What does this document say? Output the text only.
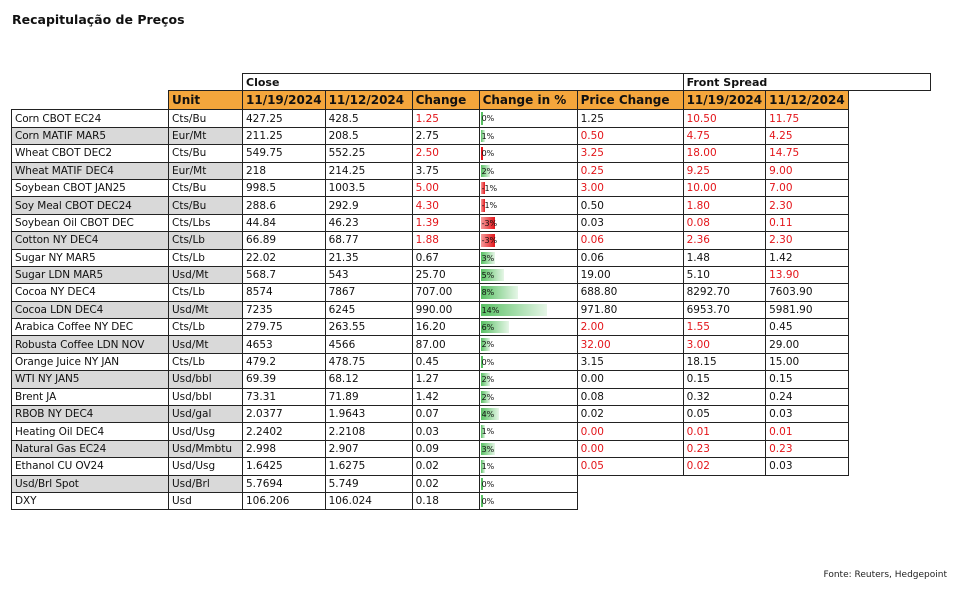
Recapitulação de Preços
		Close					Front Spread	
	Unit	11/19/2024	11/12/2024	Change	Change in %	Price Change	11/19/2024	11/12/2024
Corn CBOT EC24	Cts/Bu	427.25	428.5	1.25	0%	1.25	10.50	11.75
Corn MATIF MAR5	Eur/Mt	211.25	208.5	2.75	1%	0.50	4.75	4.25
Wheat CBOT DEC2	Cts/Bu	549.75	552.25	2.50	0%	3.25	18.00	14.75
Wheat MATIF DEC4	Eur/Mt	218	214.25	3.75	2%	0.25	9.25	9.00
Soybean CBOT JAN25	Cts/Bu	998.5	1003.5	5.00	-1%	3.00	10.00	7.00
Soy Meal CBOT DEC24	Cts/Bu	288.6	292.9	4.30	-1%	0.50	1.80	2.30
Soybean Oil CBOT DEC	Cts/Lbs	44.84	46.23	1.39	-3%	0.03	0.08	0.11
Cotton NY DEC4	Cts/Lb	66.89	68.77	1.88	-3%	0.06	2.36	2.30
Sugar NY MAR5	Cts/Lb	22.02	21.35	0.67	3%	0.06	1.48	1.42
Sugar LDN MAR5	Usd/Mt	568.7	543	25.70	5%	19.00	5.10	13.90
Cocoa NY DEC4	Cts/Lb	8574	7867	707.00	8%	688.80	8292.70	7603.90
Cocoa LDN DEC4	Usd/Mt	7235	6245	990.00	14%	971.80	6953.70	5981.90
Arabica Coffee NY DEC	Cts/Lb	279.75	263.55	16.20	6%	2.00	1.55	0.45
Robusta Coffee LDN NOV	Usd/Mt	4653	4566	87.00	2%	32.00	3.00	29.00
Orange Juice NY JAN	Cts/Lb	479.2	478.75	0.45	0%	3.15	18.15	15.00
WTI NY JAN5	Usd/bbl	69.39	68.12	1.27	2%	0.00	0.15	0.15
Brent JA	Usd/bbl	73.31	71.89	1.42	2%	0.08	0.32	0.24
RBOB NY DEC4	Usd/gal	2.0377	1.9643	0.07	4%	0.02	0.05	0.03
Heating Oil DEC4	Usd/Usg	2.2402	2.2108	0.03	1%	0.00	0.01	0.01
Natural Gas EC24	Usd/Mmbtu	2.998	2.907	0.09	3%	0.00	0.23	0.23
Ethanol CU OV24	Usd/Usg	1.6425	1.6275	0.02	1%	0.05	0.02	0.03
Usd/Brl Spot	Usd/Brl	5.7694	5.749	0.02	0%			

DXY	Usd	106.206	106.024	0.18	0%			

Fonte: Reuters, Hedgepoint
